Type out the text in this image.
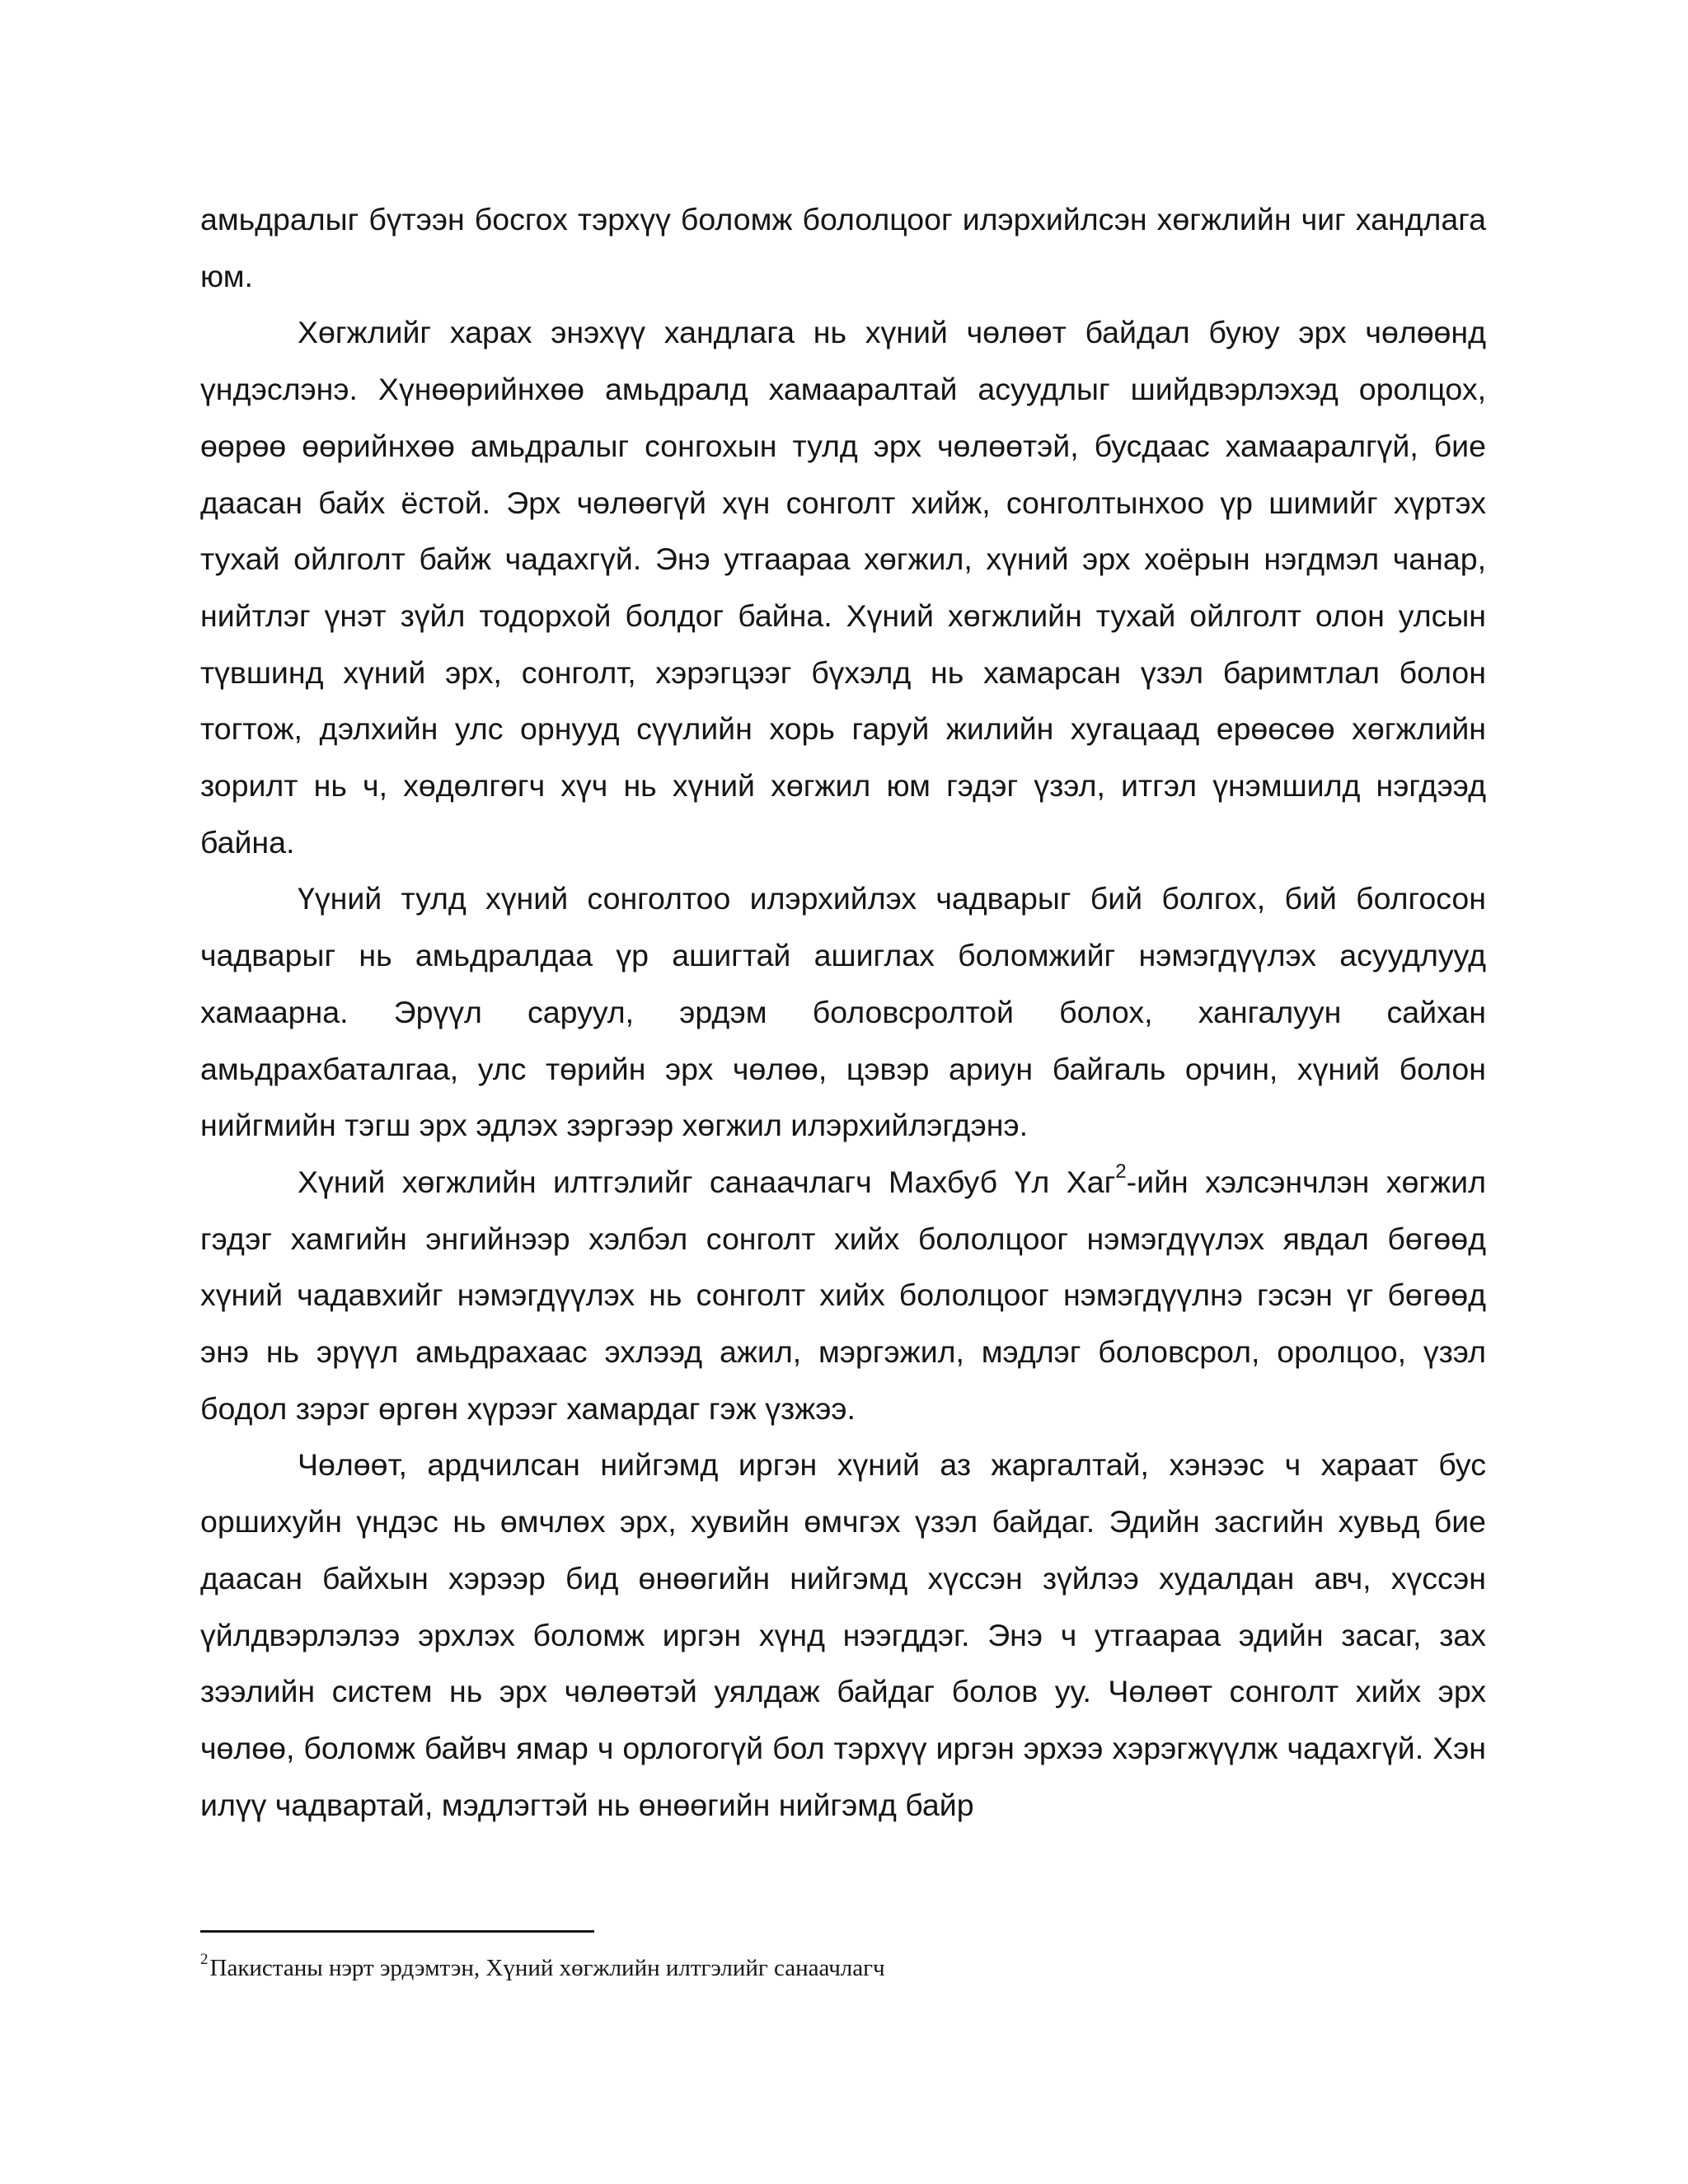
амьдралыг бүтээн босгох тэрхүү боломж бололцоог илэрхийлсэн хөгжлийн чиг хандлага юм.

Хөгжлийг харах энэхүү хандлага нь хүний чөлөөт байдал буюу эрх чөлөөнд үндэслэнэ. Хүнөөрийнхөө амьдралд хамааралтай асуудлыг шийдвэрлэхэд оролцох, өөрөө өөрийнхөө амьдралыг сонгохын тулд эрх чөлөөтэй, бусдаас хамааралгүй, бие даасан байх ёстой. Эрх чөлөөгүй хүн сонголт хийж, сонголтынхоо үр шимийг хүртэх тухай ойлголт байж чадахгүй. Энэ утгаараа хөгжил, хүний эрх хоёрын нэгдмэл чанар, нийтлэг үнэт зүйл тодорхой болдог байна. Хүний хөгжлийн тухай ойлголт олон улсын түвшинд хүний эрх, сонголт, хэрэгцээг бүхэлд нь хамарсан үзэл баримтлал болон тогтож, дэлхийн улс орнууд сүүлийн хорь гаруй жилийн хугацаад ерөөсөө хөгжлийн зорилт нь ч, хөдөлгөгч хүч нь хүний хөгжил юм гэдэг үзэл, итгэл үнэмшилд нэгдээд байна.

Үүний тулд хүний сонголтоо илэрхийлэх чадварыг бий болгох, бий болгосон чадварыг нь амьдралдаа үр ашигтай ашиглах боломжийг нэмэгдүүлэх асуудлууд хамаарна. Эрүүл саруул, эрдэм боловсролтой болох, хангалуун сайхан амьдрахбаталгаа, улс төрийн эрх чөлөө, цэвэр ариун байгаль орчин, хүний болон нийгмийн тэгш эрх эдлэх зэргээр хөгжил илэрхийлэгдэнэ.

Хүний хөгжлийн илтгэлийг санаачлагч Махбуб Үл Хаг$^2$-ийн хэлсэнчлэн хөгжил гэдэг хамгийн энгийнээр хэлбэл сонголт хийх бололцоог нэмэгдүүлэх явдал бөгөөд хүний чадавхийг нэмэгдүүлэх нь сонголт хийх бололцоог нэмэгдүүлнэ гэсэн үг бөгөөд энэ нь эрүүл амьдрахаас эхлээд ажил, мэргэжил, мэдлэг боловсрол, оролцоо, үзэл бодол зэрэг өргөн хүрээг хамардаг гэж үзжээ.

Чөлөөт, ардчилсан нийгэмд иргэн хүний аз жаргалтай, хэнээс ч хараат бус оршихуйн үндэс нь өмчлөх эрх, хувийн өмчгэх үзэл байдаг. Эдийн засгийн хувьд бие даасан байхын хэрээр бид өнөөгийн нийгэмд хүссэн зүйлээ худалдан авч, хүссэн үйлдвэрлэлээ эрхлэх боломж иргэн хүнд нээгддэг. Энэ ч утгаараа эдийн засаг, зах зээлийн систем нь эрх чөлөөтэй уялдаж байдаг болов уу. Чөлөөт сонголт хийх эрх чөлөө, боломж байвч ямар ч орлогогүй бол тэрхүү иргэн эрхээ хэрэгжүүлж чадахгүй. Хэн илүү чадвартай, мэдлэгтэй нь өнөөгийн нийгэмд байр

$^2$Пакистаны нэрт эрдэмтэн, Хүний хөгжлийн илтгэлийг санаачлагч
